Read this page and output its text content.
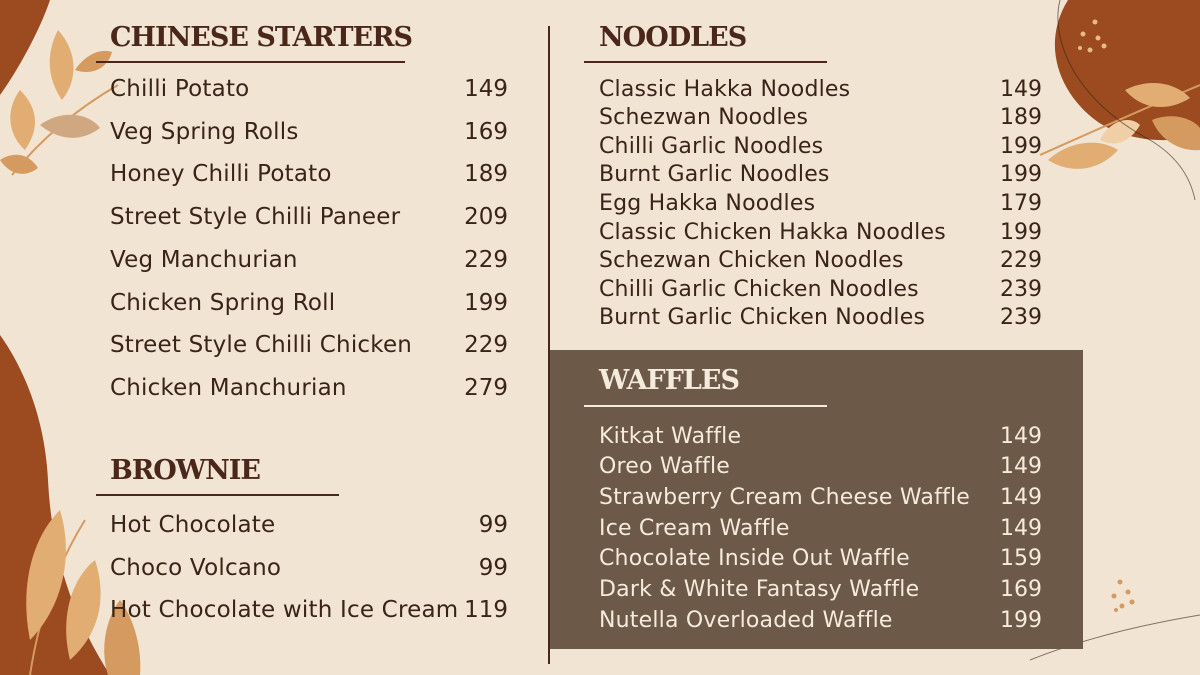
CHINESE STARTERS
Chilli Potato	149
Veg Spring Rolls	169
Honey Chilli Potato	189
Street Style Chilli Paneer	209
Veg Manchurian	229
Chicken Spring Roll	199
Street Style Chilli Chicken 229
Chicken Manchurian	279
BROWNIE
Hot Chocolate	99
Choco Volcano	99
Hot Chocolate with Ice Cream 119
NOODLES
Classic Hakka Noodles	149
Schezwan Noodles	189
Chilli Garlic Noodles	199
Burnt Garlic Noodles	199
Egg Hakka Noodles	179
Classic Chicken Hakka Noodles 199
Schezwan Chicken Noodles	229
Chilli Garlic Chicken Noodles	239
Burnt Garlic Chicken Noodles	239
WAFFLES
Kitkat Waffle	149
Oreo Waffle	149
Strawberry Cream Cheese Waffle 149
Ice Cream Waffle	149
Chocolate Inside Out Waffle	159
Dark & White Fantasy Waffle	169
Nutella Overloaded Waffle	199
